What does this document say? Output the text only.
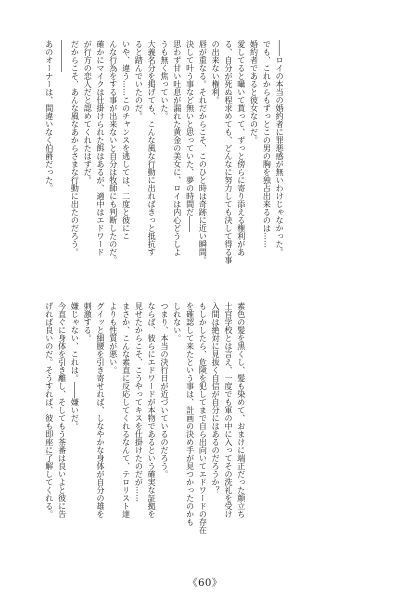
――ロイの本当の婚約者に罪悪感が無いわけじゃなかった。
でも、これからもずっとこの男の胸を独占出来るのは……
婚約者であると彼女なのだ。
愛してると囁いて貰って、ずっと傍らに寄り添える権利があ
る、自分が死ぬ程求めても、どんなに努力しても決して得る事
の出来ない権利。
唇が重なる。それだからこそ、このひと時は奇跡に近い瞬間。
決して叶う事など無いと思っていた、夢の時間だ――
思わず甘い吐息が漏れた黄金の美女に、ロイは内心どうしよ
うも無く焦っていた。
大義名分を掲げても、こんな風な行動に出ればきっと抵抗す
ると踏んでいたのだ。
いや、違う……このチャンスを逃しては、二度と彼にこ
んな行為をする事が出来ないと自分は牧師にも判断したのだ。
確かにマイクは仕掛けられた餌はあるが、適中はエドワード
が行方の恋人だと認めてくれたはずだ。
だからこそ、あんな風なあからさまな行動に出たのだろう。
――――
あのオーナーは、間違いなく伯爵だった。
素色の髪を黒くし、髪も染めて、おまけに端正だった顔立ち
士官学校とは言え、一度でも軍の中に入ってその洗礼を受け
入間は絶対に見抜く自信が自分にはあるのだろうか？
もしかしたら、危険を犯してまで自ら出向いてエドワードの存在
を確認して来たという事は、計画の決め手が見つかったのかも
しれない。
つまり、本当の決行日が近づいているのだろう。
ならば、彼らにエドワードが本物であるという確実な証拠を
見せたからこそ、こうやってキスを仕掛けたのだが……
まさか、こんな素直に反応してくれるなんて、テロリスト達
よりも性質が悪い。
グイッと細腰を引き寄せれば、しなやかな身体が自分の雄を
刺激する。
嫌じゃない、これは。――嫌いだ。
今直ぐに身体を引き離し、そしてもう茶番は良いよと彼に告
げれば良いのだ。そうすれば、彼も即座に了解してくれる。
《60》
